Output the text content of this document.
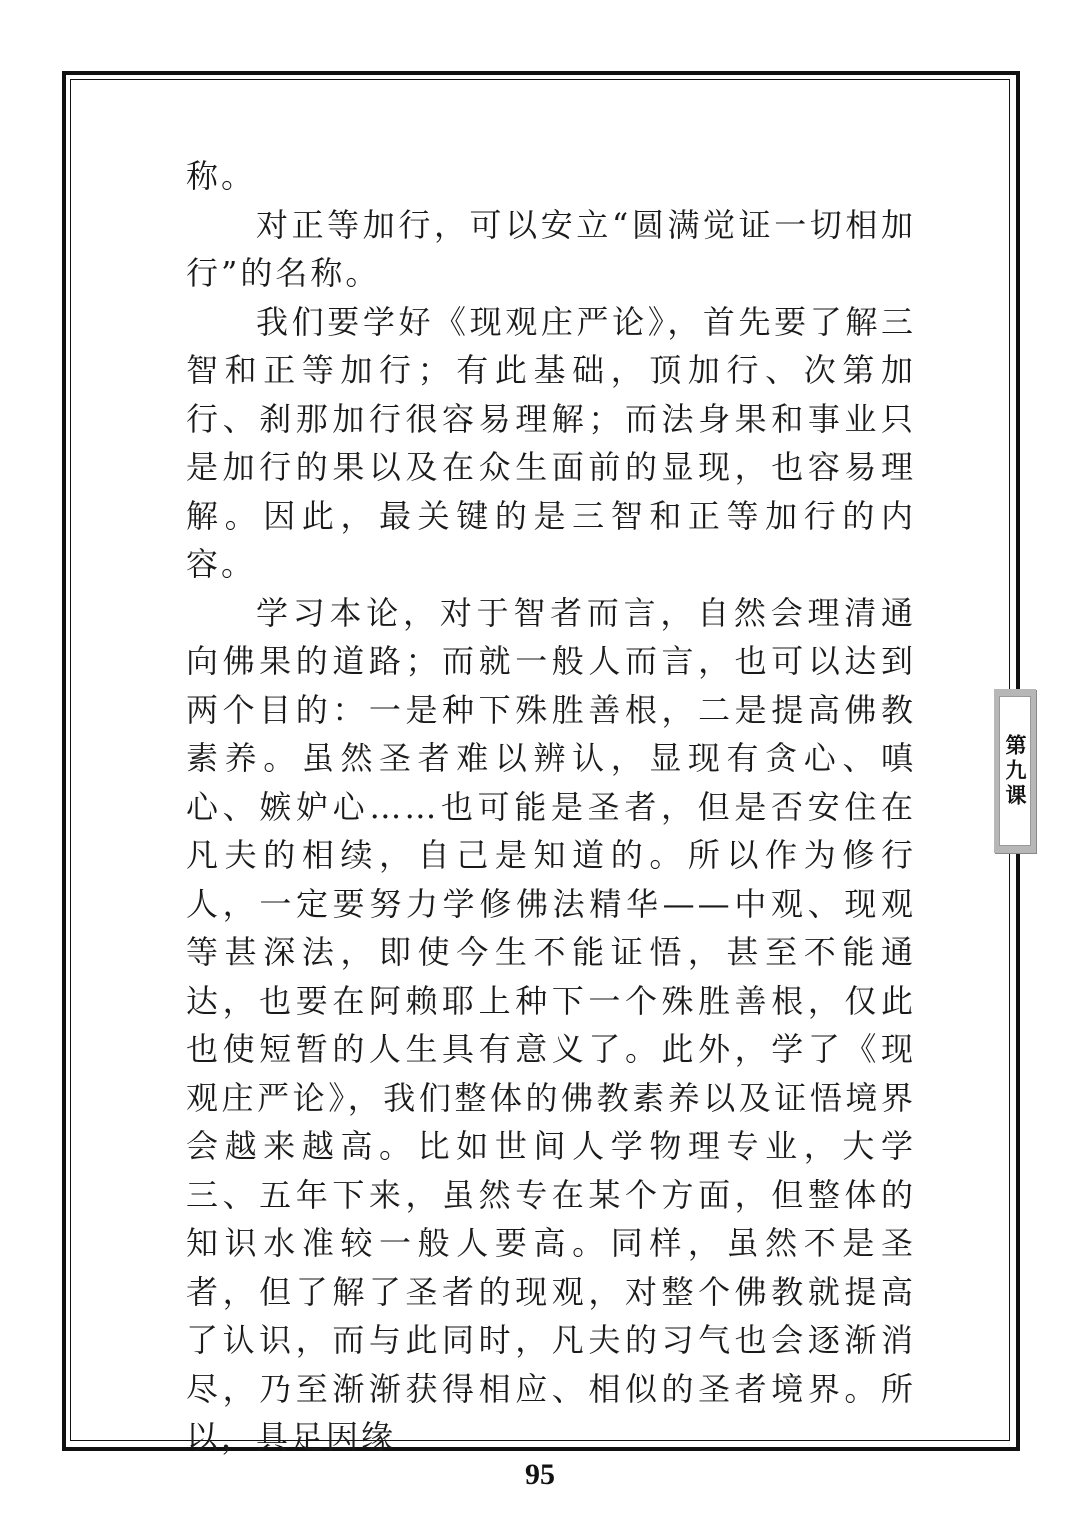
称。

对正等加行，可以安立“圆满觉证一切相加行”的名称。

我们要学好《现观庄严论》，首先要了解三智和正等加行；有此基础，顶加行、次第加行、刹那加行很容易理解；而法身果和事业只是加行的果以及在众生面前的显现，也容易理解。因此，最关键的是三智和正等加行的内容。

学习本论，对于智者而言，自然会理清通向佛果的道路；而就一般人而言，也可以达到两个目的：一是种下殊胜善根，二是提高佛教素养。虽然圣者难以辨认，显现有贪心、嗔心、嫉妒心……也可能是圣者，但是否安住在凡夫的相续，自己是知道的。所以作为修行人，一定要努力学修佛法精华——中观、现观等甚深法，即使今生不能证悟，甚至不能通达，也要在阿赖耶上种下一个殊胜善根，仅此也使短暂的人生具有意义了。此外，学了《现观庄严论》，我们整体的佛教素养以及证悟境界会越来越高。比如世间人学物理专业，大学三、五年下来，虽然专在某个方面，但整体的知识水准较一般人要高。同样，虽然不是圣者，但了解了圣者的现观，对整个佛教就提高了认识，而与此同时，凡夫的习气也会逐渐消尽，乃至渐渐获得相应、相似的圣者境界。所以，具足因缘

第九课
95
